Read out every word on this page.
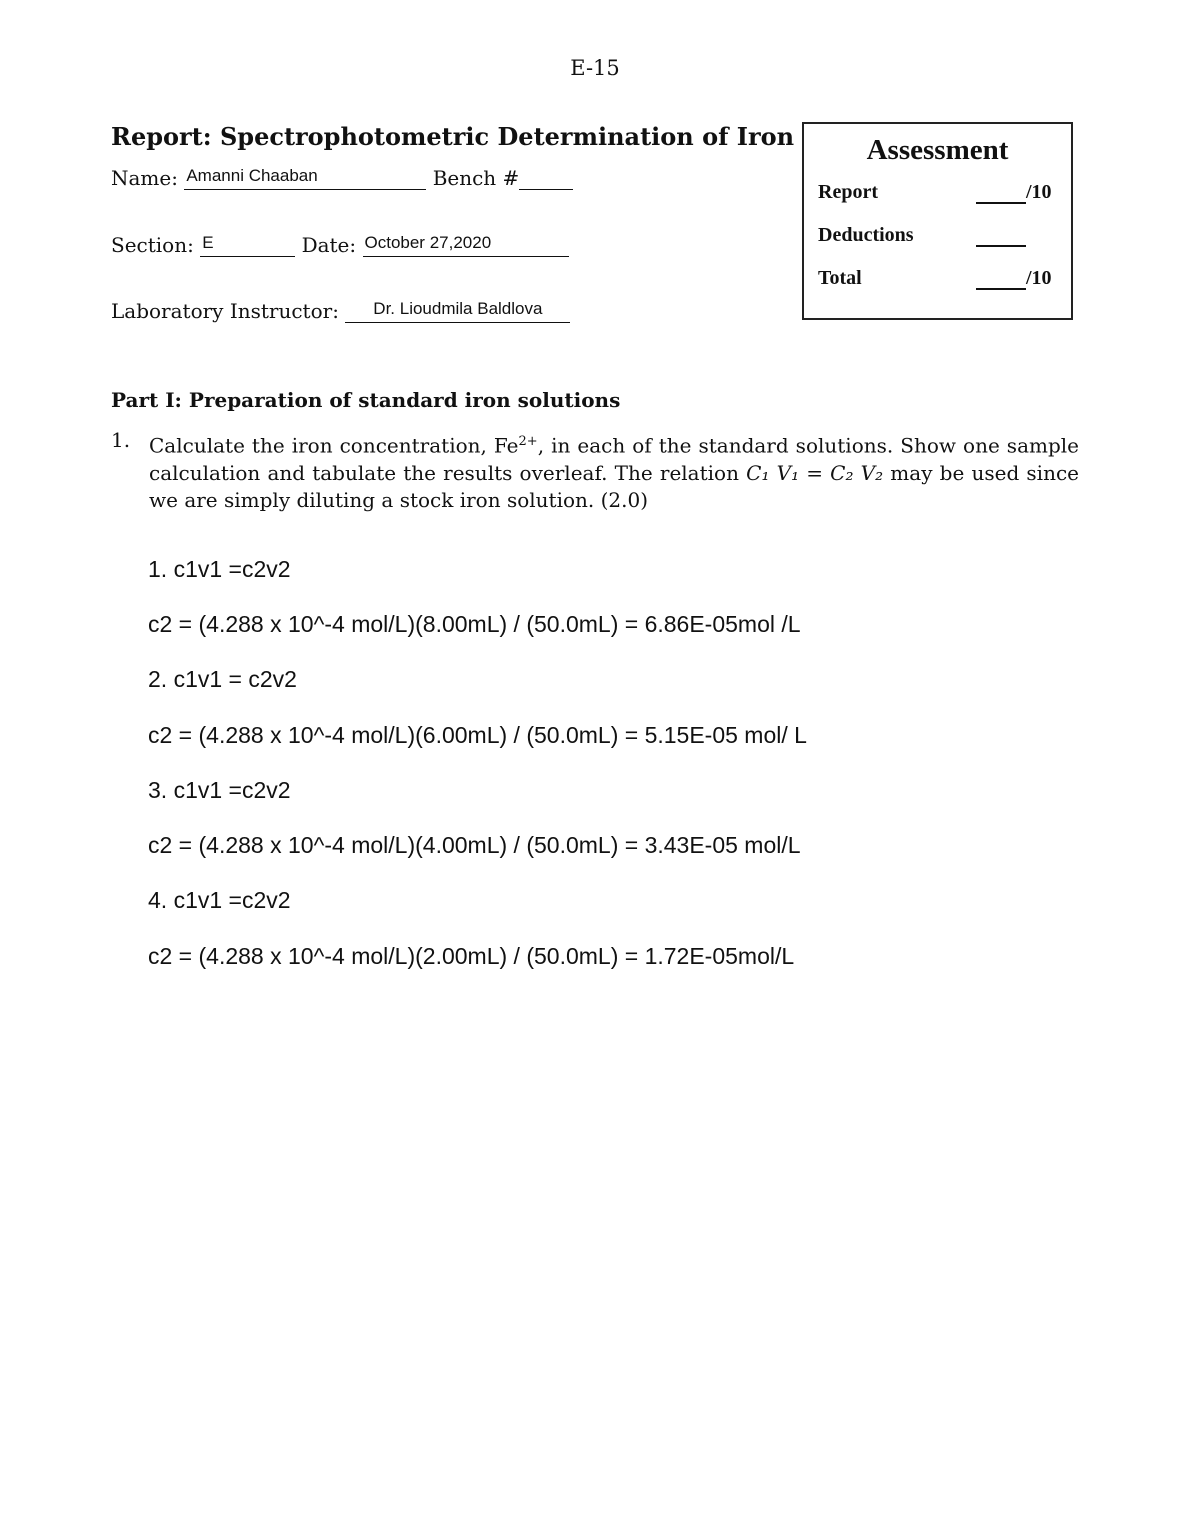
E-15
Report: Spectrophotometric Determination of Iron
Name: Amanni Chaaban	Bench #
Section: E	Date: October 27,2020
Laboratory Instructor: Dr. Lioudmila Baldlova
Assessment
Report	/10
Deductions
Total	/10
Part I: Preparation of standard iron solutions
1. Calculate the iron concentration, $Fe^{2+}$, in each of the standard solutions. Show one sample calculation and tabulate the results overleaf. The relation C₁ V₁ = C₂ V₂ may be used since we are simply diluting a stock iron solution. (2.0)
1. c1v1 =c2v2
c2 = (4.288 x 10^-4 mol/L)(8.00mL) / (50.0mL) = 6.86E-05mol /L
2. c1v1 = c2v2
c2 = (4.288 x 10^-4 mol/L)(6.00mL) / (50.0mL) = 5.15E-05 mol/ L
3. c1v1 =c2v2
c2 = (4.288 x 10^-4 mol/L)(4.00mL) / (50.0mL) = 3.43E-05 mol/L
4. c1v1 =c2v2
c2 = (4.288 x 10^-4 mol/L)(2.00mL) / (50.0mL) = 1.72E-05mol/L
